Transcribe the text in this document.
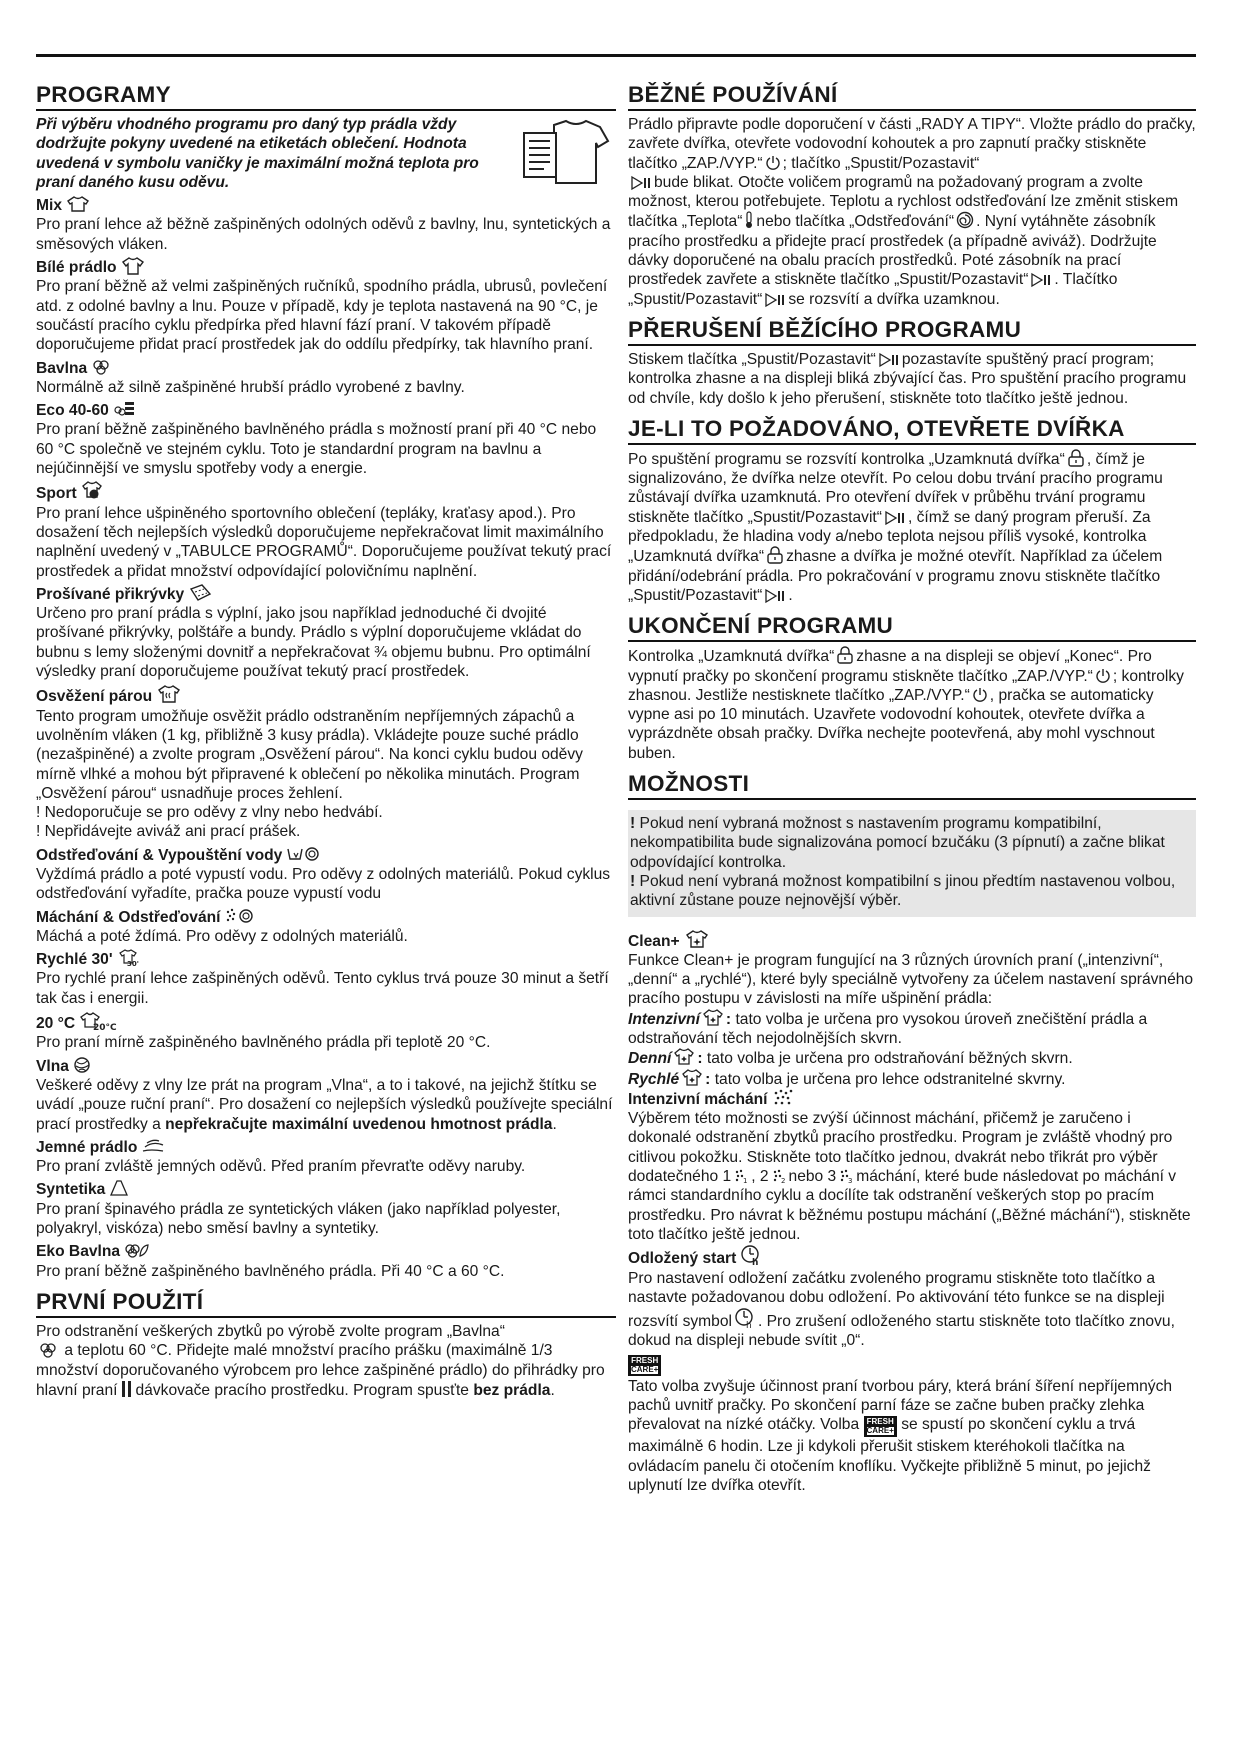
PROGRAMY
Při výběru vhodného programu pro daný typ prádla vždy dodržujte pokyny uvedené na etiketách oblečení. Hodnota uvedená v symbolu vaničky je maximální možná teplota pro praní daného kusu oděvu.
Mix
Pro praní lehce až běžně zašpiněných odolných oděvů z bavlny, lnu, syntetických a směsových vláken.
Bílé prádlo
Pro praní běžně až velmi zašpiněných ručníků, spodního prádla, ubrusů, povlečení atd. z odolné bavlny a lnu. Pouze v případě, kdy je teplota nastavená na 90 °C, je součástí pracího cyklu předpírka před hlavní fází praní. V takovém případě doporučujeme přidat prací prostředek jak do oddílu předpírky, tak hlavního praní.
Bavlna
Normálně až silně zašpiněné hrubší prádlo vyrobené z bavlny.
Eco 40-60
Pro praní běžně zašpiněného bavlněného prádla s možností praní při 40 °C nebo 60 °C společně ve stejném cyklu. Toto je standardní program na bavlnu a nejúčinnější ve smyslu spotřeby vody a energie.
Sport
Pro praní lehce ušpiněného sportovního oblečení (tepláky, kraťasy apod.). Pro dosažení těch nejlepších výsledků doporučujeme nepřekračovat limit maximálního naplnění uvedený v „TABULCE PROGRAMŮ“. Doporučujeme používat tekutý prací prostředek a přidat množství odpovídající polovičnímu naplnění.
Prošívané přikrývky
Určeno pro praní prádla s výplní, jako jsou například jednoduché či dvojité prošívané přikrývky, polštáře a bundy. Prádlo s výplní doporučujeme vkládat do bubnu s lemy složenými dovnitř a nepřekračovat ¾ objemu bubnu. Pro optimální výsledky praní doporučujeme používat tekutý prací prostředek.
Osvěžení párou
Tento program umožňuje osvěžit prádlo odstraněním nepříjemných zápachů a uvolněním vláken (1 kg, přibližně 3 kusy prádla). Vkládejte pouze suché prádlo (nezašpiněné) a zvolte program „Osvěžení párou“. Na konci cyklu budou oděvy mírně vlhké a mohou být připravené k oblečení po několika minutách. Program „Osvěžení párou“ usnadňuje proces žehlení.
! Nedoporučuje se pro oděvy z vlny nebo hedvábí.
! Nepřidávejte aviváž ani prací prášek.
Odstřeďování & Vypouštění vody
Vyždímá prádlo a poté vypustí vodu. Pro oděvy z odolných materiálů. Pokud cyklus odstřeďování vyřadíte, pračka pouze vypustí vodu
Máchání & Odstřeďování
Máchá a poté ždímá. Pro oděvy z odolných materiálů.
Rychlé 30' 30'
Pro rychlé praní lehce zašpiněných oděvů. Tento cyklus trvá pouze 30 minut a šetří tak čas i energii.
20 °C 20°C
Pro praní mírně zašpiněného bavlněného prádla při teplotě 20 °C.
Vlna
Veškeré oděvy z vlny lze prát na program „Vlna“, a to i takové, na jejichž štítku se uvádí „pouze ruční praní“. Pro dosažení co nejlepších výsledků používejte speciální prací prostředky a nepřekračujte maximální uvedenou hmotnost prádla.
Jemné prádlo
Pro praní zvláště jemných oděvů. Před praním převraťte oděvy naruby.
Syntetika
Pro praní špinavého prádla ze syntetických vláken (jako například polyester, polyakryl, viskóza) nebo směsí bavlny a syntetiky.
Eko Bavlna
Pro praní běžně zašpiněného bavlněného prádla. Při 40 °C a 60 °C.
PRVNÍ POUŽITÍ

Pro odstranění veškerých zbytků po výrobě zvolte program „Bavlna“
a teplotu 60 °C. Přidejte malé množství pracího prášku (maximálně 1/3 množství doporučovaného výrobcem pro lehce zašpiněné prádlo) do přihrádky pro hlavní praní dávkovače pracího prostředku. Program spusťte bez prádla.

BĚŽNÉ POUŽÍVÁNÍ

Prádlo připravte podle doporučení v části „RADY A TIPY“. Vložte prádlo do pračky, zavřete dvířka, otevřete vodovodní kohoutek a pro zapnutí pračky stiskněte tlačítko „ZAP./VYP.“ ; tlačítko „Spustit/Pozastavit“
bude blikat. Otočte voličem programů na požadovaný program a zvolte možnost, kterou potřebujete. Teplotu a rychlost odstřeďování lze změnit stiskem tlačítka „Teplota“ nebo tlačítka „Odstřeďování“ . Nyní vytáhněte zásobník pracího prostředku a přidejte prací prostředek (a případně aviváž). Dodržujte dávky doporučené na obalu pracích prostředků. Poté zásobník na prací prostředek zavřete a stiskněte tlačítko „Spustit/Pozastavit“ . Tlačítko „Spustit/Pozastavit“ se rozsvítí a dvířka uzamknou.

PŘERUŠENÍ BĚŽÍCÍHO PROGRAMU

Stiskem tlačítka „Spustit/Pozastavit“ pozastavíte spuštěný prací program; kontrolka zhasne a na displeji bliká zbývající čas. Pro spuštění pracího programu od chvíle, kdy došlo k jeho přerušení, stiskněte toto tlačítko ještě jednou.

JE-LI TO POŽADOVÁNO, OTEVŘETE DVÍŘKA

Po spuštění programu se rozsvítí kontrolka „Uzamknutá dvířka“ , čímž je signalizováno, že dvířka nelze otevřít. Po celou dobu trvání pracího programu zůstávají dvířka uzamknutá. Pro otevření dvířek v průběhu trvání programu stiskněte tlačítko „Spustit/Pozastavit“ , čímž se daný program přeruší. Za předpokladu, že hladina vody a/nebo teplota nejsou příliš vysoké, kontrolka „Uzamknutá dvířka“ zhasne a dvířka je možné otevřít. Například za účelem přidání/odebrání prádla. Pro pokračování v programu znovu stiskněte tlačítko „Spustit/Pozastavit“ .

UKONČENÍ PROGRAMU

Kontrolka „Uzamknutá dvířka“ zhasne a na displeji se objeví „Konec“. Pro vypnutí pračky po skončení programu stiskněte tlačítko „ZAP./VYP.“ ; kontrolky zhasnou. Jestliže nestisknete tlačítko „ZAP./VYP.“ , pračka se automaticky vypne asi po 10 minutách. Uzavřete vodovodní kohoutek, otevřete dvířka a vyprázdněte obsah pračky. Dvířka nechejte pootevřená, aby mohl vyschnout buben.

MOŽNOSTI

! Pokud není vybraná možnost s nastavením programu kompatibilní, nekompatibilita bude signalizována pomocí bzučáku (3 pípnutí) a začne blikat odpovídající kontrolka.

! Pokud není vybraná možnost kompatibilní s jinou předtím nastavenou volbou, aktivní zůstane pouze nejnovější výběr.

Clean+

Funkce Clean+ je program fungující na 3 různých úrovních praní („intenzivní“, „denní“ a „rychlé“), které byly speciálně vytvořeny za účelem nastavení správného pracího postupu v závislosti na míře ušpinění prádla:

Intenzivní : tato volba je určena pro vysokou úroveň znečištění prádla a odstraňování těch nejodolnějších skvrn.

Denní : tato volba je určena pro odstraňování běžných skvrn.

Rychlé : tato volba je určena pro lehce odstranitelné skvrny.

Intenzivní máchání

Výběrem této možnosti se zvýší účinnost máchání, přičemž je zaručeno i dokonalé odstranění zbytků pracího prostředku. Program je zvláště vhodný pro citlivou pokožku. Stiskněte toto tlačítko jednou, dvakrát nebo třikrát pro výběr dodatečného 1 1 , 2 2 nebo 3 3 máchání, které bude následovat po máchání v rámci standardního cyklu a docílíte tak odstranění veškerých stop po pracím prostředku. Pro návrat k běžnému postupu máchání („Běžné máchání“), stiskněte toto tlačítko ještě jednou.

Odložený start h

Pro nastavení odložení začátku zvoleného programu stiskněte toto tlačítko a nastavte požadovanou dobu odložení. Po aktivování této funkce se na displeji rozsvítí symbol h . Pro zrušení odloženého startu stiskněte toto tlačítko znovu, dokud na displeji nebude svítit „0“.

FRESH
CARE+

Tato volba zvyšuje účinnost praní tvorbou páry, která brání šíření nepříjemných pachů uvnitř pračky. Po skončení parní fáze se začne buben pračky zlehka převalovat na nízké otáčky. Volba FRESH
CARE+ se spustí po skončení cyklu a trvá maximálně 6 hodin. Lze ji kdykoli přerušit stiskem kteréhokoli tlačítka na ovládacím panelu či otočením knoflíku. Vyčkejte přibližně 5 minut, po jejichž uplynutí lze dvířka otevřít.
